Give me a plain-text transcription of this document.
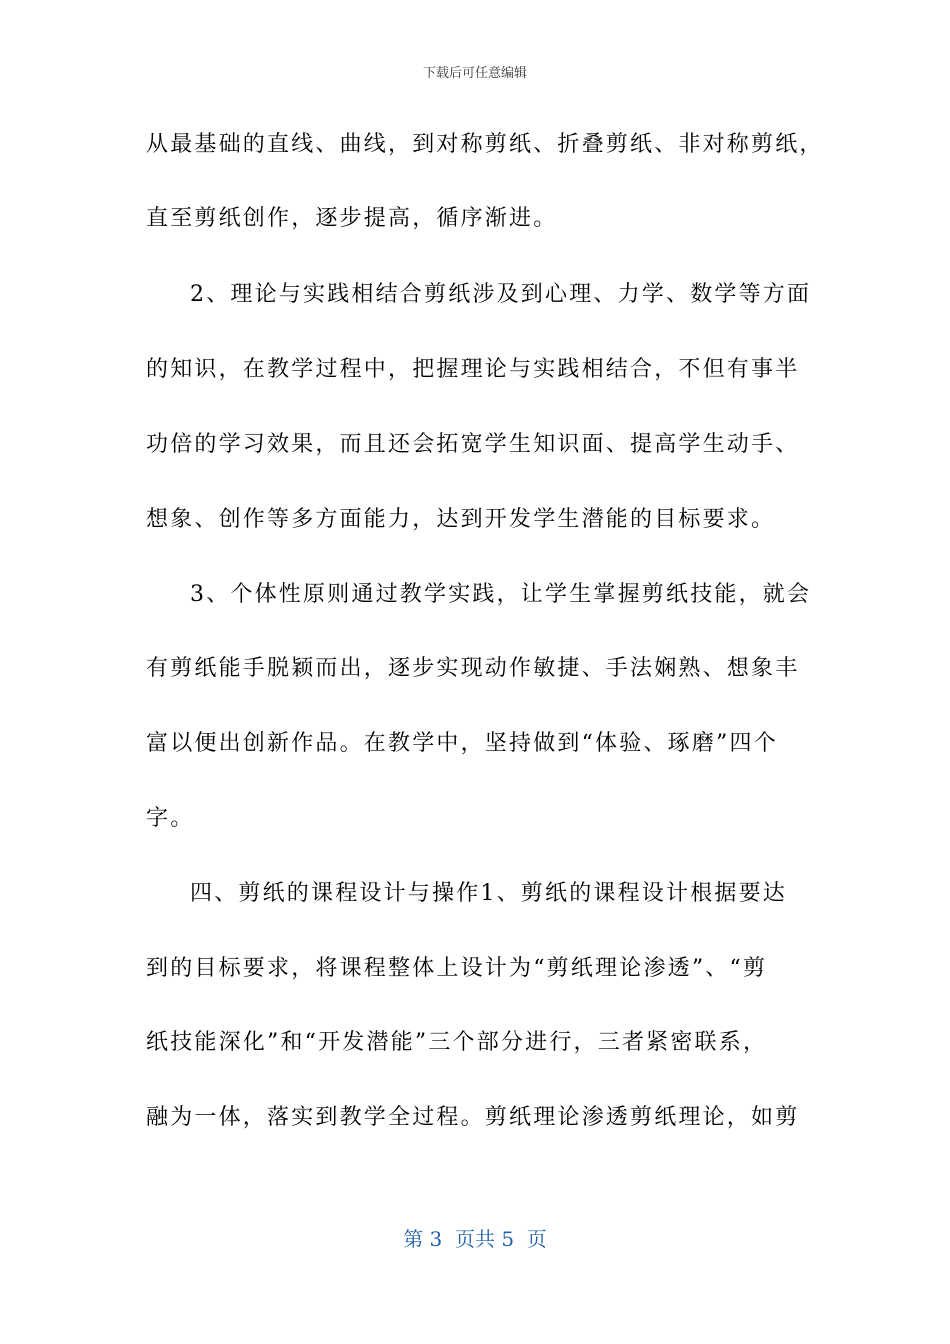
下载后可任意编辑
从最基础的直线、曲线，到对称剪纸、折叠剪纸、非对称剪纸，
直至剪纸创作，逐步提高，循序渐进。
2、理论与实践相结合剪纸涉及到心理、力学、数学等方面
的知识，在教学过程中，把握理论与实践相结合，不但有事半
功倍的学习效果，而且还会拓宽学生知识面、提高学生动手、
想象、创作等多方面能力，达到开发学生潜能的目标要求。
3、个体性原则通过教学实践，让学生掌握剪纸技能，就会
有剪纸能手脱颖而出，逐步实现动作敏捷、手法娴熟、想象丰
富以便出创新作品。在教学中，坚持做到“体验、琢磨”四个
字。
四、剪纸的课程设计与操作1、剪纸的课程设计根据要达
到的目标要求，将课程整体上设计为“剪纸理论渗透”、“剪
纸技能深化”和“开发潜能”三个部分进行，三者紧密联系，
融为一体，落实到教学全过程。剪纸理论渗透剪纸理论，如剪
第 3  页共 5  页
